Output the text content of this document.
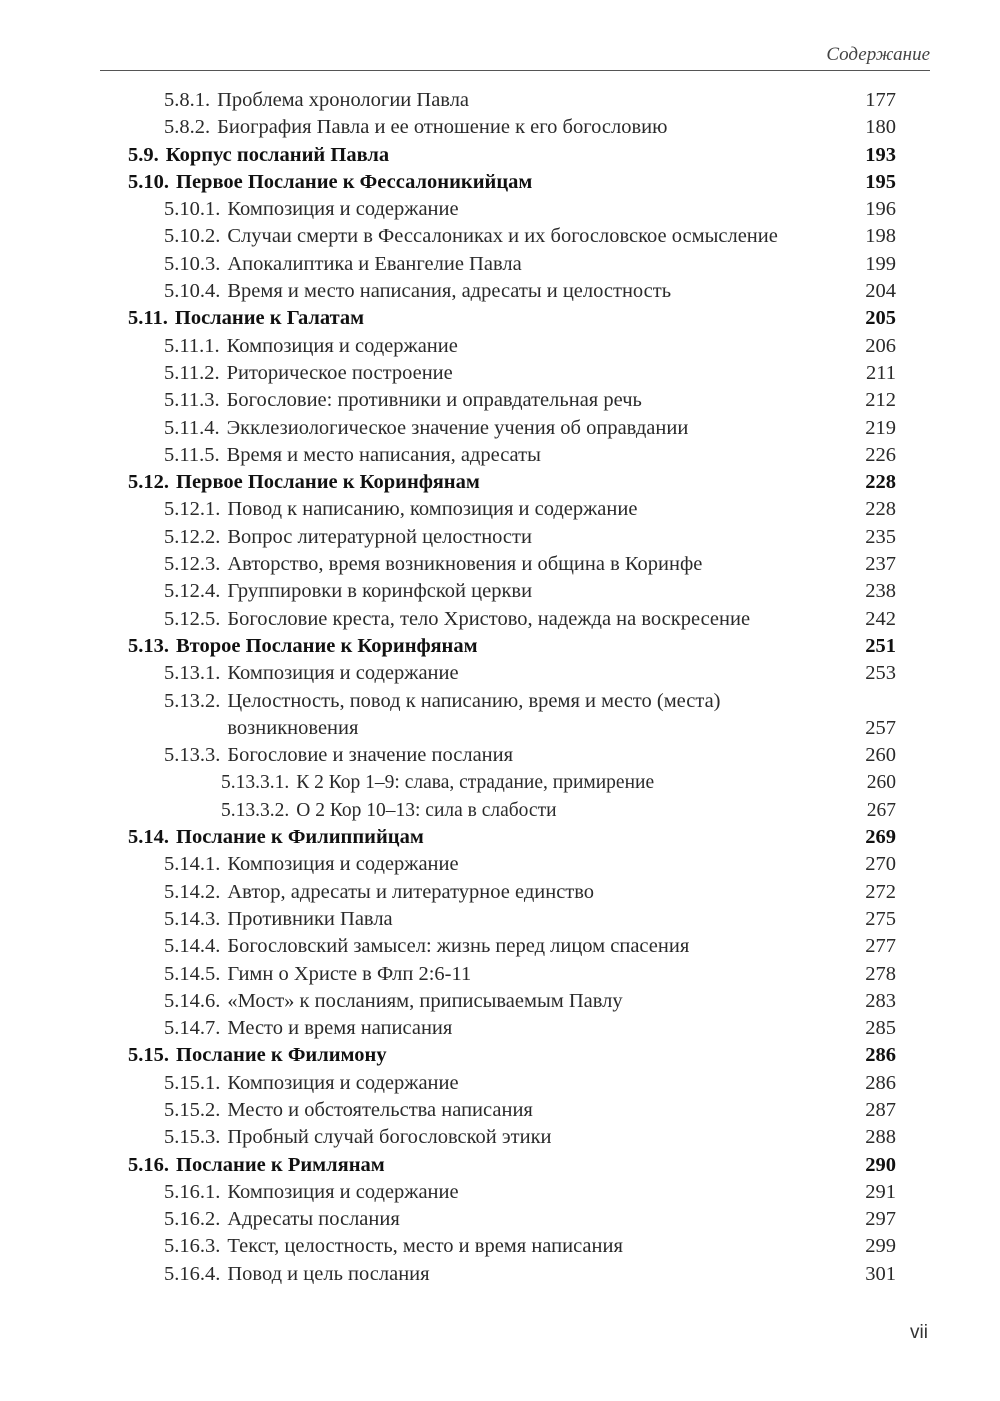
Содержание
5.8.1. Проблема хронологии Павла	177
5.8.2. Биография Павла и ее отношение к его богословию	180
5.9. Корпус посланий Павла	193
5.10. Первое Послание к Фессалоникийцам	195
5.10.1. Композиция и содержание	196
5.10.2. Случаи смерти в Фессалониках и их богословское осмысление	198
5.10.3. Апокалиптика и Евангелие Павла	199
5.10.4. Время и место написания, адресаты и целостность	204
5.11. Послание к Галатам	205
5.11.1. Композиция и содержание	206
5.11.2. Риторическое построение	211
5.11.3. Богословие: противники и оправдательная речь	212
5.11.4. Экклезиологическое значение учения об оправдании	219
5.11.5. Время и место написания, адресаты	226
5.12. Первое Послание к Коринфянам	228
5.12.1. Повод к написанию, композиция и содержание	228
5.12.2. Вопрос литературной целостности	235
5.12.3. Авторство, время возникновения и община в Коринфе	237
5.12.4. Группировки в коринфской церкви	238
5.12.5. Богословие креста, тело Христово, надежда на воскресение	242
5.13. Второе Послание к Коринфянам	251
5.13.1. Композиция и содержание	253
5.13.2. Целостность, повод к написанию, время и место (места)
возникновения	257
5.13.3. Богословие и значение послания	260
5.13.3.1. К 2 Кор 1–9: слава, страдание, примирение	260
5.13.3.2. О 2 Кор 10–13: сила в слабости	267
5.14. Послание к Филиппийцам	269
5.14.1. Композиция и содержание	270
5.14.2. Автор, адресаты и литературное единство	272
5.14.3. Противники Павла	275
5.14.4. Богословский замысел: жизнь перед лицом спасения	277
5.14.5. Гимн о Христе в Флп 2:6-11	278
5.14.6. «Мост» к посланиям, приписываемым Павлу	283
5.14.7. Место и время написания	285
5.15. Послание к Филимону	286
5.15.1. Композиция и содержание	286
5.15.2. Место и обстоятельства написания	287
5.15.3. Пробный случай богословской этики	288
5.16. Послание к Римлянам	290
5.16.1. Композиция и содержание	291
5.16.2. Адресаты послания	297
5.16.3. Текст, целостность, место и время написания	299
5.16.4. Повод и цель послания	301
vii
